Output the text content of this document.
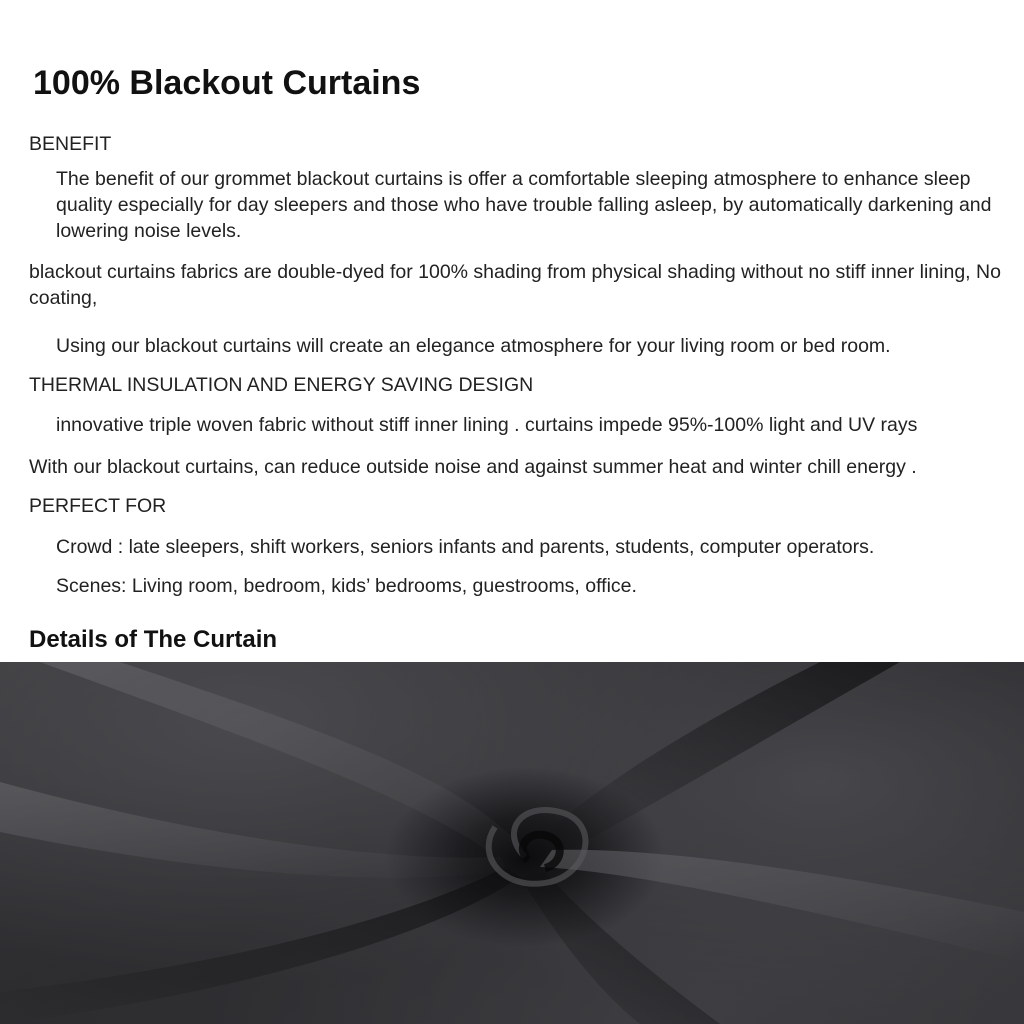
100% Blackout Curtains

BENEFIT

The benefit of our grommet blackout curtains is offer a comfortable sleeping atmosphere to enhance sleep quality especially for day sleepers and those who have trouble falling asleep, by automatically darkening and lowering noise levels.

blackout curtains fabrics are double-dyed for 100% shading from physical shading without no stiff inner lining, No coating,

Using our blackout curtains will create an elegance atmosphere for your living room or bed room.

THERMAL INSULATION AND ENERGY SAVING DESIGN

innovative triple woven fabric without stiff inner lining . curtains impede 95%-100% light and UV rays

With our blackout curtains, can reduce outside noise and against summer heat and winter chill energy .

PERFECT FOR

Crowd : late sleepers, shift workers, seniors infants and parents, students, computer operators.

Scenes: Living room, bedroom, kids’ bedrooms, guestrooms, office.

Details of The Curtain
